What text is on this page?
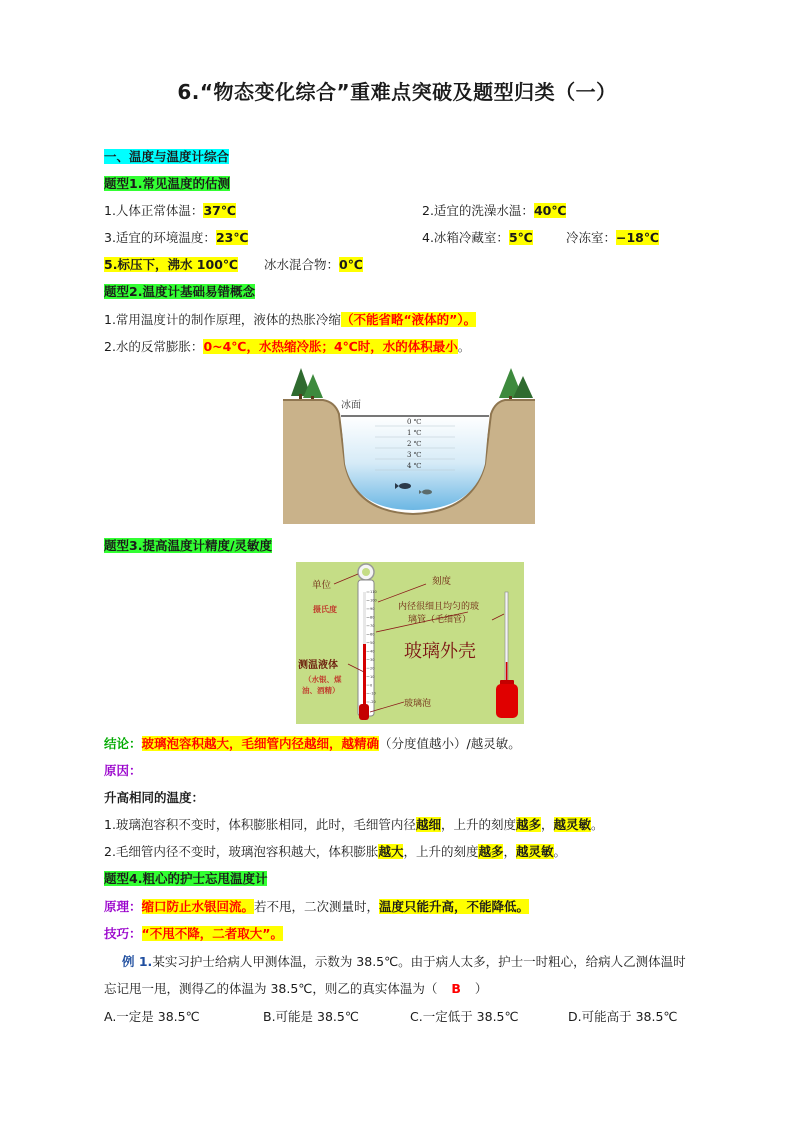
6.“物态变化综合”重难点突破及题型归类（一）
一、温度与温度计综合
题型1.常见温度的估测
1.人体正常体温：37℃	2.适宜的洗澡水温：40℃
3.适宜的环境温度：23℃	4.冰箱冷藏室：5℃	冷冻室：−18℃
5.标压下，沸水 100℃ 冰水混合物：0℃
题型2.温度计基础易错概念
1.常用温度计的制作原理，液体的热胀冷缩（不能省略“液体的”）。
2.水的反常膨胀：0~4℃，水热缩冷胀；4℃时，水的体积最小。
冰面
0 ℃
1 ℃
2 ℃
3 ℃
4 ℃
题型3.提高温度计精度/灵敏度
110
100
90
80
70
60
50
40
30
20
10
0
-10
-20
单位
摄氏度
刻度
内径很细且均匀的玻
璃管（毛细管）
玻璃外壳
测温液体
（水银、煤
油、酒精）
玻璃泡
结论：玻璃泡容积越大，毛细管内径越细，越精确（分度值越小）/越灵敏。
原因：
升高相同的温度：
1.玻璃泡容积不变时，体积膨胀相同，此时，毛细管内径越细，上升的刻度越多，越灵敏。
2.毛细管内径不变时，玻璃泡容积越大，体积膨胀越大，上升的刻度越多，越灵敏。
题型4.粗心的护士忘甩温度计
原理：缩口防止水银回流。若不甩，二次测量时，温度只能升高，不能降低。
技巧：“不甩不降，二者取大”。
例 1.某实习护士给病人甲测体温，示数为 38.5℃。由于病人太多，护士一时粗心，给病人乙测体温时
忘记甩一甩，测得乙的体温为 38.5℃，则乙的真实体温为（ B ）
A.一定是 38.5℃	B.可能是 38.5℃	C.一定低于 38.5℃	D.可能高于 38.5℃
